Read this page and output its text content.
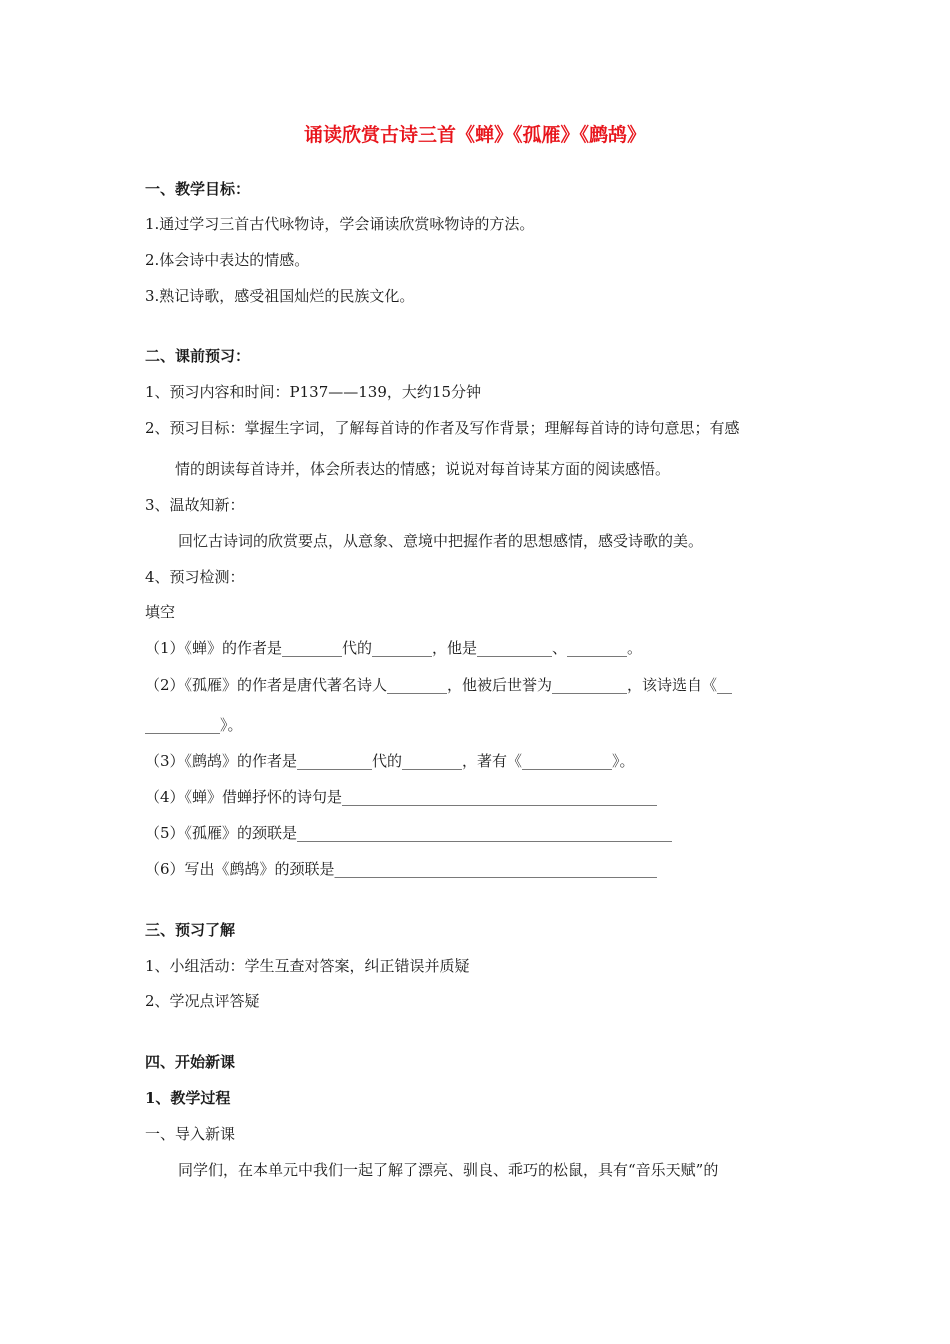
诵读欣赏古诗三首《蝉》《孤雁》《鹧鸪》
一、教学目标：
1.通过学习三首古代咏物诗，学会诵读欣赏咏物诗的方法。
2.体会诗中表达的情感。
3.熟记诗歌，感受祖国灿烂的民族文化。
二、课前预习：
1、预习内容和时间：P137——139，大约15分钟
2、预习目标：掌握生字词，了解每首诗的作者及写作背景；理解每首诗的诗句意思；有感
情的朗读每首诗并，体会所表达的情感；说说对每首诗某方面的阅读感悟。
3、温故知新：
回忆古诗词的欣赏要点，从意象、意境中把握作者的思想感情，感受诗歌的美。
4、预习检测：
填空
（1）《蝉》的作者是________代的________，他是__________、________。
（2）《孤雁》的作者是唐代著名诗人________，他被后世誉为__________，该诗选自《__
__________》。
（3）《鹧鸪》的作者是__________代的________，著有《____________》。
（4）《蝉》借蝉抒怀的诗句是__________________________________________
（5）《孤雁》的颈联是__________________________________________________
（6）写出《鹧鸪》的颈联是___________________________________________
三、预习了解
1、小组活动：学生互查对答案，纠正错误并质疑
2、学况点评答疑
四、开始新课
1、教学过程
一、导入新课
同学们，在本单元中我们一起了解了漂亮、驯良、乖巧的松鼠，具有“音乐天赋”的
